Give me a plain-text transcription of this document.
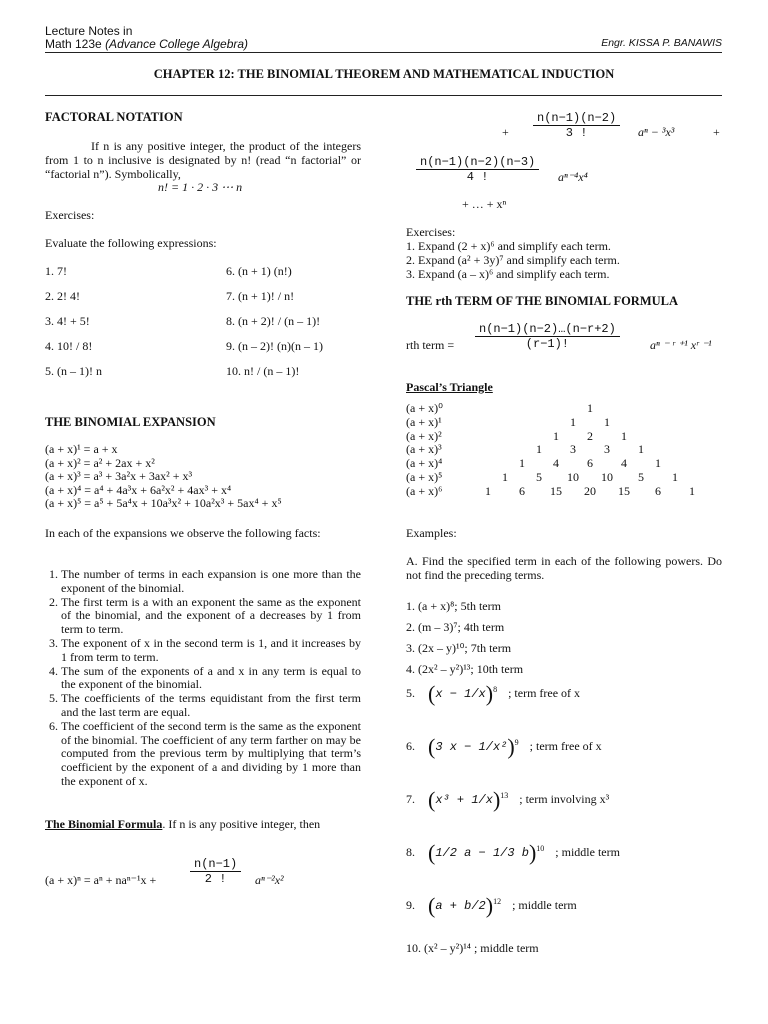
Lecture Notes in
Math 123e (Advance College Algebra)	Engr. KISSA P. BANAWIS
CHAPTER 12: THE BINOMIAL THEOREM AND MATHEMATICAL INDUCTION
FACTORAL NOTATION
If n is any positive integer, the product of the integers from 1 to n inclusive is designated by n! (read “n factorial” or “factorial n”). Symbolically,
n! = 1 · 2 · 3 ⋯ n
Exercises:
Evaluate the following expressions:
1. 7!	6. (n + 1) (n!)
2. 2! 4!	7. (n + 1)! / n!
3. 4! + 5!	8. (n + 2)! / (n – 1)!
4. 10! / 8!	9. (n – 2)! (n)(n – 1)
5. (n – 1)! n	10. n! / (n – 1)!
THE BINOMIAL EXPANSION
(a + x)¹ = a + x
(a + x)² = a² + 2ax + x²
(a + x)³ = a³ + 3a²x + 3ax² + x³
(a + x)⁴ = a⁴ + 4a³x + 6a²x² + 4ax³ + x⁴
(a + x)⁵ = a⁵ + 5a⁴x + 10a³x² + 10a²x³ + 5ax⁴ + x⁵
In each of the expansions we observe the following facts:
1. The number of terms in each expansion is one more than the exponent of the binomial.
2. The first term is a with an exponent the same as the exponent of the binomial, and the exponent of a decreases by 1 from term to term.
3. The exponent of x in the second term is 1, and it increases by 1 from term to term.
4. The sum of the exponents of a and x in any term is equal to the exponent of the binomial.
5. The coefficients of the terms equidistant from the first term and the last term are equal.
6. The coefficient of the second term is the same as the exponent of the binomial. The coefficient of any term farther on may be computed from the previous term by multiplying that term’s coefficient by the exponent of a and dividing by 1 more than the exponent of x.
The Binomial Formula. If n is any positive integer, then
(a + x)ⁿ = aⁿ + naⁿ⁻¹x +	$\frac{n(n-1)}{2 !} a^{n-2}x^2$
+ $\frac{n(n-1)(n-2)}{3 !}$ aⁿ − ³x³	+
$\frac{n(n-1)(n-2)(n-3)}{4 !} a^{n-4}x^4$
+ … + xⁿ
Exercises:
1. Expand (2 + x)⁶ and simplify each term.
2. Expand (a² + 3y)⁷ and simplify each term.
3. Expand (a – x)⁶ and simplify each term.
THE rth TERM OF THE BINOMIAL FORMULA
rth term = $\frac{n(n-1)(n-2)\dots(n-r+2)}{(r-1)!}$	aⁿ ⁻ ʳ ⁺¹ xʳ ⁻¹
Pascal’s Triangle
(a + x)⁰	1
(a + x)¹	1	1
(a + x)²	1	2	1
(a + x)³	1	3	3	1
(a + x)⁴	1	4	6	4	1
(a + x)⁵	1	5	10	10	5	1
(a + x)⁶	1	6	15	20	15	6	1
Examples:
A. Find the specified term in each of the following powers. Do not find the preceding terms.
1. (a + x)⁸; 5th term
2. (m – 3)⁷; 4th term
3. (2x – y)¹⁰; 7th term
4. (2x² – y²)¹³; 10th term
5. $(x - 1/x)^8$ ; term free of x
6. (3 x − 1/x²)$^9$ ; term free of x
7. $(x^3 + 1/x)^{13}$ ; term involving x³
8. (1/2 a − 1/3 b)$^{10}$ ; middle term
9. $(a + b/2)^{12}$ ; middle term
10. (x² – y²)¹⁴ ; middle term
